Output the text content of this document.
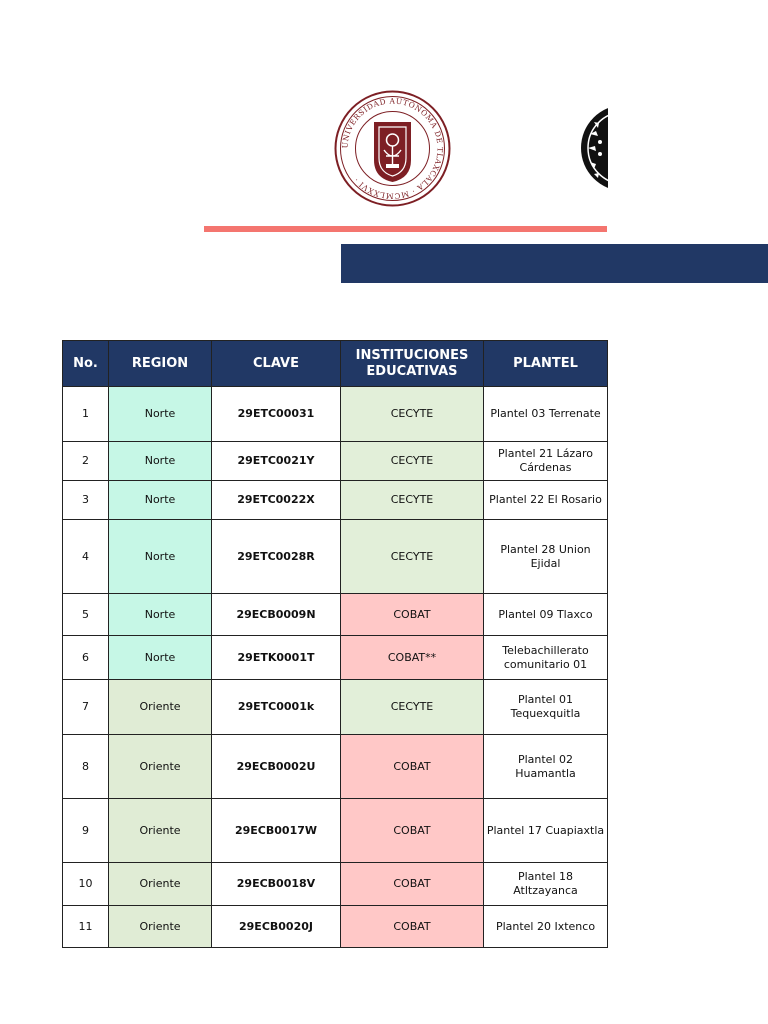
UNIVERSIDAD AUTÓNOMA DE TLAXCALA · MCMLXXVI ·
No.	REGION	CLAVE	INSTITUCIONES EDUCATIVAS	PLANTEL
1	Norte	29ETC00031	CECYTE	Plantel 03 Terrenate
2	Norte	29ETC0021Y	CECYTE	Plantel 21 Lázaro Cárdenas
3	Norte	29ETC0022X	CECYTE	Plantel 22 El Rosario
4	Norte	29ETC0028R	CECYTE	Plantel 28 Union Ejidal
5	Norte	29ECB0009N	COBAT	Plantel 09 Tlaxco
6	Norte	29ETK0001T	COBAT**	Telebachillerato comunitario 01
7	Oriente	29ETC0001k	CECYTE	Plantel 01 Tequexquitla
8	Oriente	29ECB0002U	COBAT	Plantel 02 Huamantla
9	Oriente	29ECB0017W	COBAT	Plantel 17 Cuapiaxtla
10	Oriente	29ECB0018V	COBAT	Plantel 18 Atltzayanca
11	Oriente	29ECB0020J	COBAT	Plantel 20 Ixtenco
